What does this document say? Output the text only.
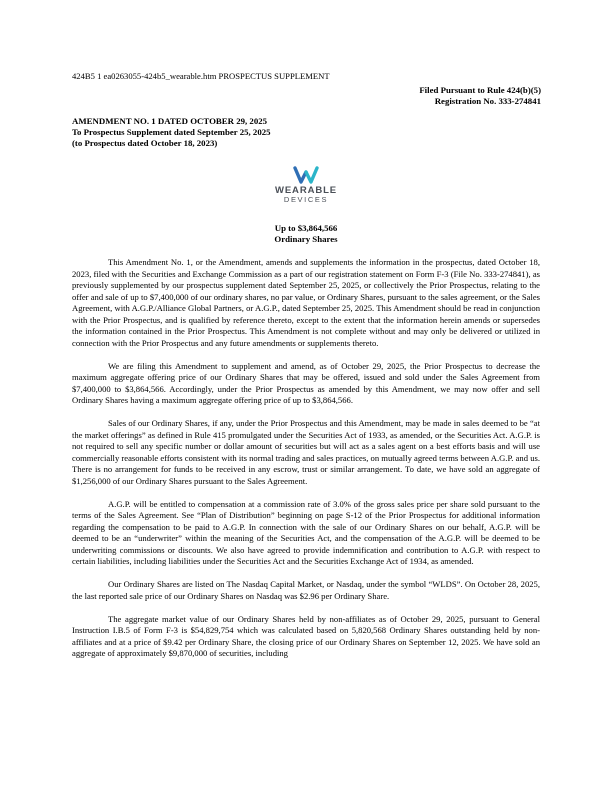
424B5 1 ea0263055-424b5_wearable.htm PROSPECTUS SUPPLEMENT
Filed Pursuant to Rule 424(b)(5)
Registration No. 333-274841
AMENDMENT NO. 1 DATED OCTOBER 29, 2025
To Prospectus Supplement dated September 25, 2025
(to Prospectus dated October 18, 2023)
WEARABLE
DEVICES
Up to $3,864,566
Ordinary Shares

This Amendment No. 1, or the Amendment, amends and supplements the information in the prospectus, dated October 18, 2023, filed with the Securities and Exchange Commission as a part of our registration statement on Form F-3 (File No. 333-274841), as previously supplemented by our prospectus supplement dated September 25, 2025, or collectively the Prior Prospectus, relating to the offer and sale of up to $7,400,000 of our ordinary shares, no par value, or Ordinary Shares, pursuant to the sales agreement, or the Sales Agreement, with A.G.P./Alliance Global Partners, or A.G.P., dated September 25, 2025. This Amendment should be read in conjunction with the Prior Prospectus, and is qualified by reference thereto, except to the extent that the information herein amends or supersedes the information contained in the Prior Prospectus. This Amendment is not complete without and may only be delivered or utilized in connection with the Prior Prospectus and any future amendments or supplements thereto.

We are filing this Amendment to supplement and amend, as of October 29, 2025, the Prior Prospectus to decrease the maximum aggregate offering price of our Ordinary Shares that may be offered, issued and sold under the Sales Agreement from $7,400,000 to $3,864,566. Accordingly, under the Prior Prospectus as amended by this Amendment, we may now offer and sell Ordinary Shares having a maximum aggregate offering price of up to $3,864,566.

Sales of our Ordinary Shares, if any, under the Prior Prospectus and this Amendment, may be made in sales deemed to be “at the market offerings” as defined in Rule 415 promulgated under the Securities Act of 1933, as amended, or the Securities Act. A.G.P. is not required to sell any specific number or dollar amount of securities but will act as a sales agent on a best efforts basis and will use commercially reasonable efforts consistent with its normal trading and sales practices, on mutually agreed terms between A.G.P. and us. There is no arrangement for funds to be received in any escrow, trust or similar arrangement. To date, we have sold an aggregate of $1,256,000 of our Ordinary Shares pursuant to the Sales Agreement.

A.G.P. will be entitled to compensation at a commission rate of 3.0% of the gross sales price per share sold pursuant to the terms of the Sales Agreement. See “Plan of Distribution” beginning on page S-12 of the Prior Prospectus for additional information regarding the compensation to be paid to A.G.P. In connection with the sale of our Ordinary Shares on our behalf, A.G.P. will be deemed to be an “underwriter” within the meaning of the Securities Act, and the compensation of the A.G.P. will be deemed to be underwriting commissions or discounts. We also have agreed to provide indemnification and contribution to A.G.P. with respect to certain liabilities, including liabilities under the Securities Act and the Securities Exchange Act of 1934, as amended.

Our Ordinary Shares are listed on The Nasdaq Capital Market, or Nasdaq, under the symbol “WLDS”. On October 28, 2025, the last reported sale price of our Ordinary Shares on Nasdaq was $2.96 per Ordinary Share.

The aggregate market value of our Ordinary Shares held by non-affiliates as of October 29, 2025, pursuant to General Instruction I.B.5 of Form F-3 is $54,829,754 which was calculated based on 5,820,568 Ordinary Shares outstanding held by non-affiliates and at a price of $9.42 per Ordinary Share, the closing price of our Ordinary Shares on September 12, 2025. We have sold an aggregate of approximately $9,870,000 of securities, including
